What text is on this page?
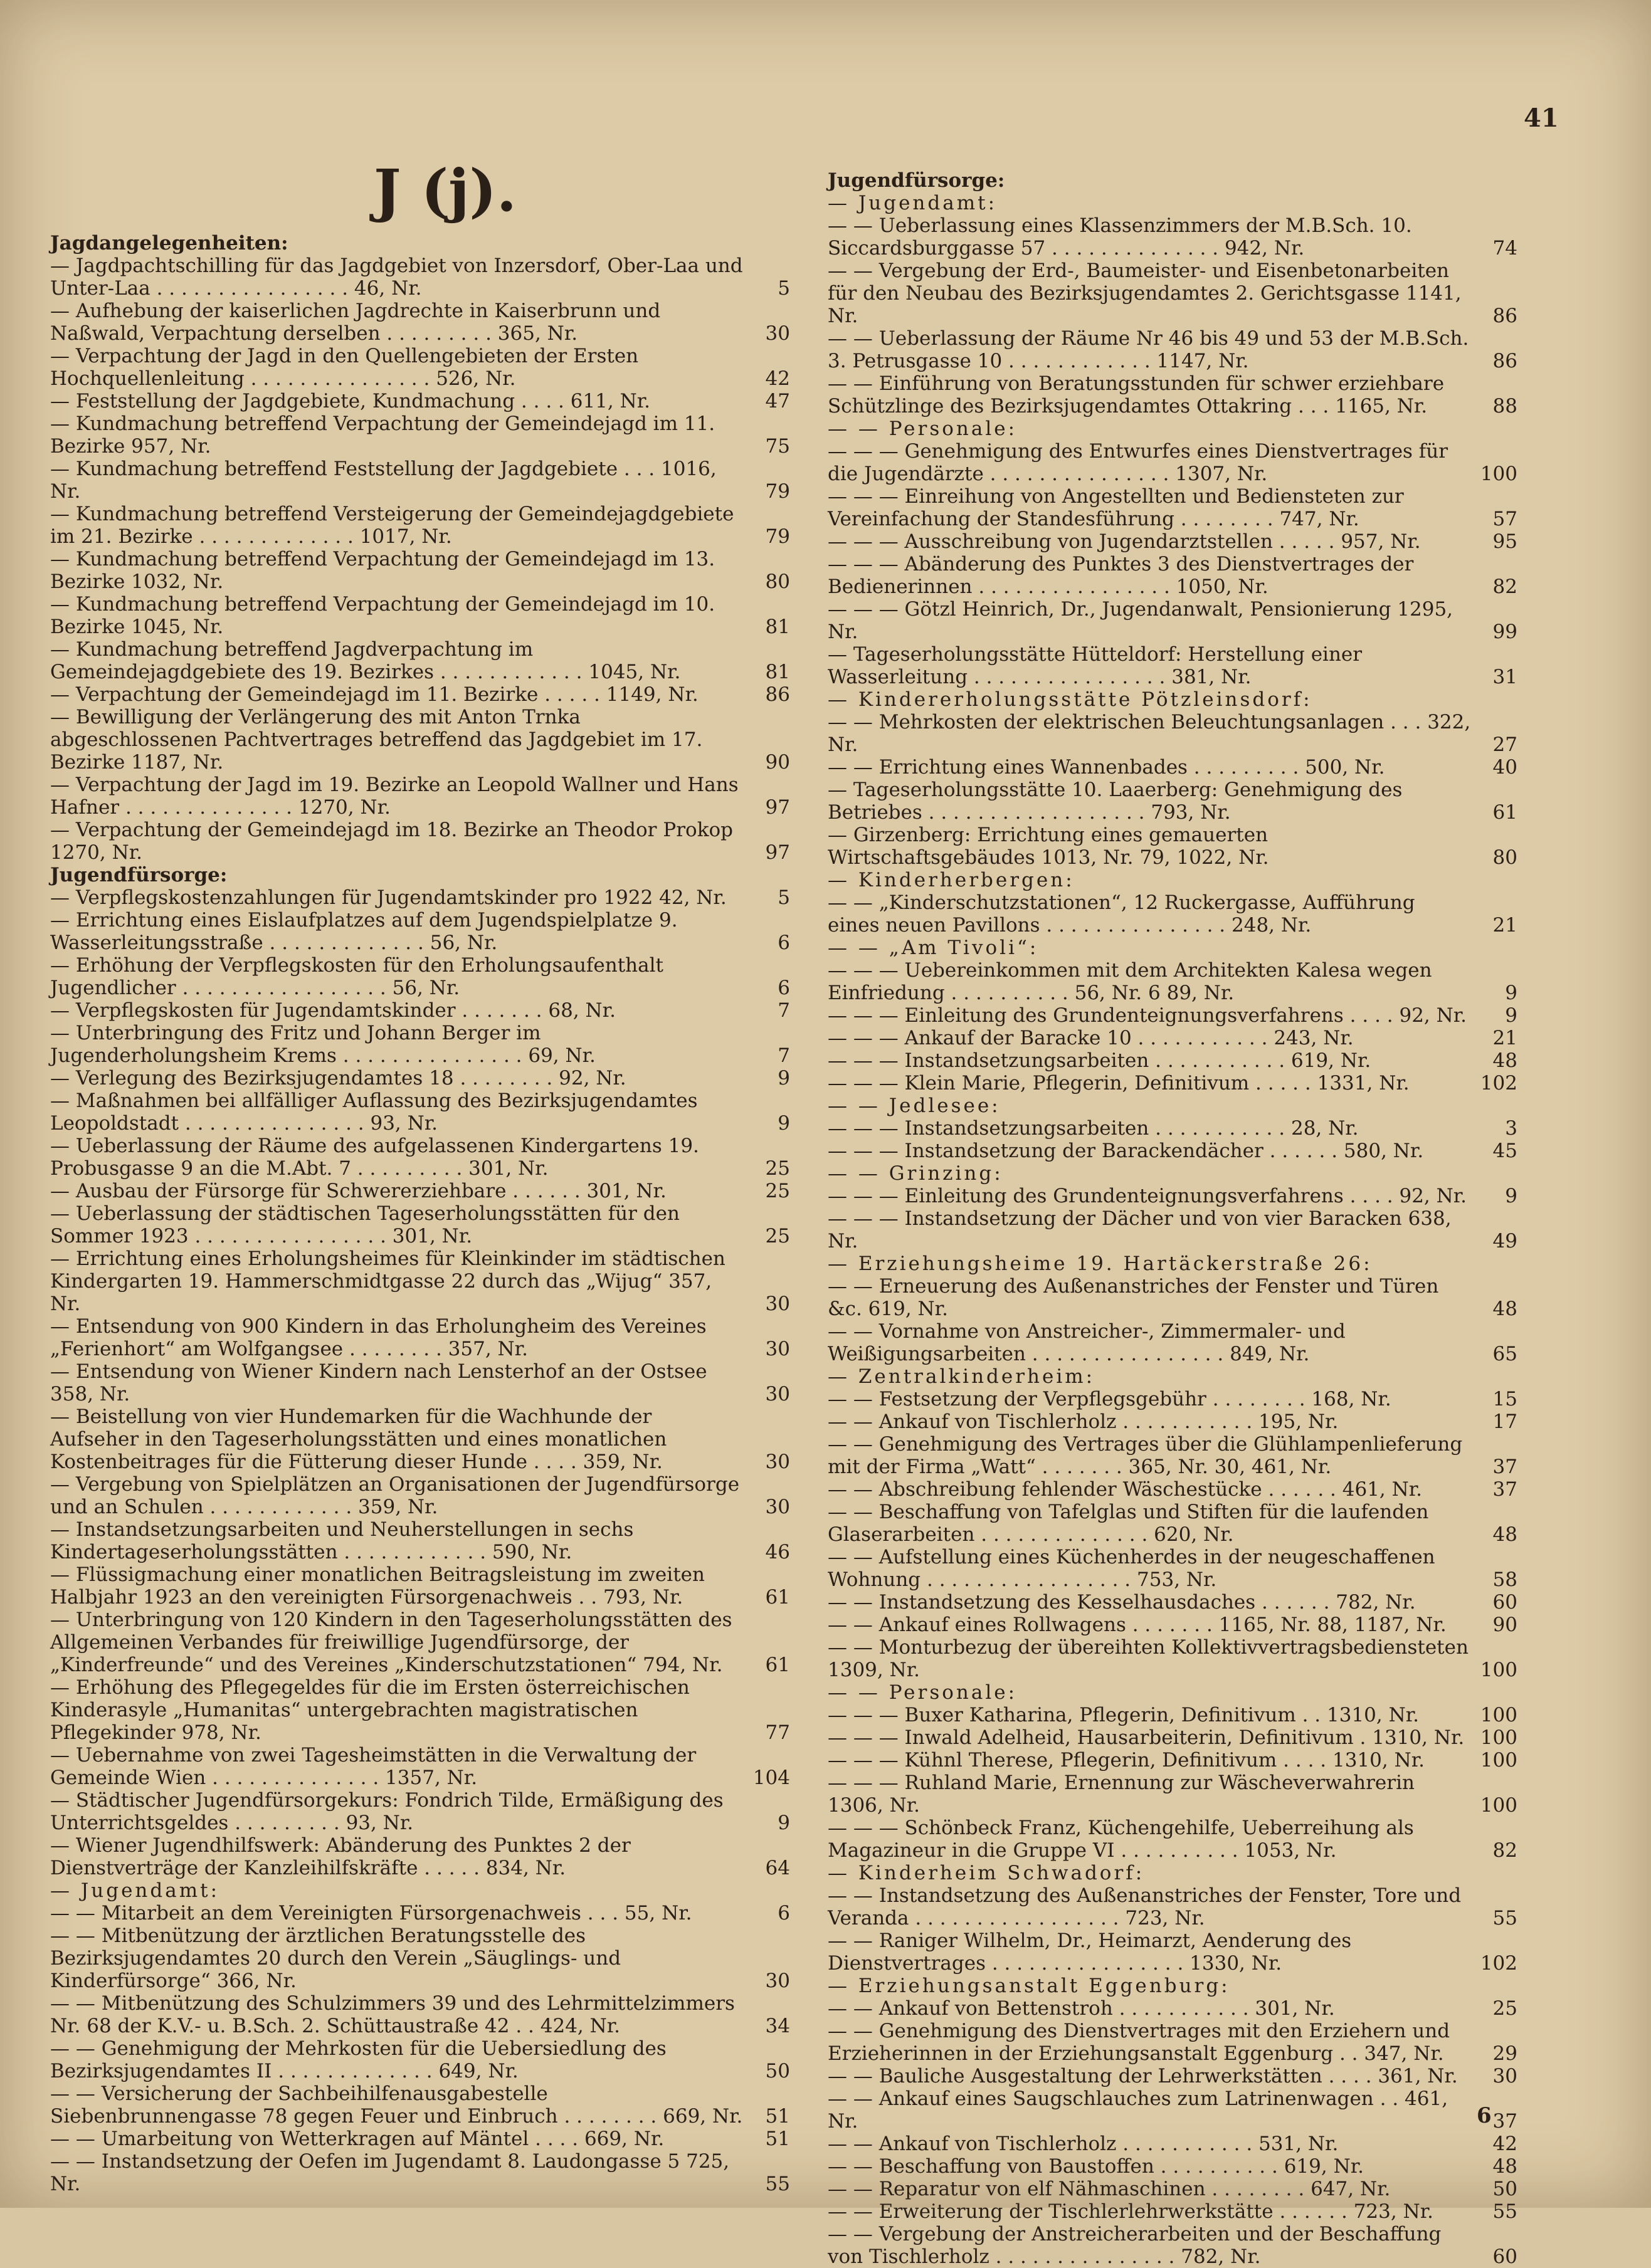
41
J (j).
Jagdangelegenheiten:
— Jagdpachtschilling für das Jagdgebiet von Inzersdorf, Ober-Laa und Unter-Laa . . . . . . . . . . . . . . . . 46, Nr.	5
— Aufhebung der kaiserlichen Jagdrechte in Kaiserbrunn und Naßwald, Verpachtung derselben . . . . . . . . . 365, Nr.	30
— Verpachtung der Jagd in den Quellengebieten der Ersten Hochquellenleitung . . . . . . . . . . . . . . . 526, Nr.	42
— Feststellung der Jagdgebiete, Kundmachung . . . . 611, Nr.	47
— Kundmachung betreffend Verpachtung der Gemeindejagd im 11. Bezirke 957, Nr.	75
— Kundmachung betreffend Feststellung der Jagdgebiete . . . 1016, Nr.	79
— Kundmachung betreffend Versteigerung der Gemeindejagdgebiete im 21. Bezirke . . . . . . . . . . . . . 1017, Nr.	79
— Kundmachung betreffend Verpachtung der Gemeindejagd im 13. Bezirke 1032, Nr.	80
— Kundmachung betreffend Verpachtung der Gemeindejagd im 10. Bezirke 1045, Nr.	81
— Kundmachung betreffend Jagdverpachtung im Gemeindejagdgebiete des 19. Bezirkes . . . . . . . . . . . . 1045, Nr.	81
— Verpachtung der Gemeindejagd im 11. Bezirke . . . . . 1149, Nr.	86
— Bewilligung der Verlängerung des mit Anton Trnka abgeschlossenen Pachtvertrages betreffend das Jagdgebiet im 17. Bezirke 1187, Nr.	90
— Verpachtung der Jagd im 19. Bezirke an Leopold Wallner und Hans Hafner . . . . . . . . . . . . . . 1270, Nr.	97
— Verpachtung der Gemeindejagd im 18. Bezirke an Theodor Prokop 1270, Nr.	97
Jugendfürsorge:
— Verpflegskostenzahlungen für Jugendamtskinder pro 1922 42, Nr.	5
— Errichtung eines Eislaufplatzes auf dem Jugendspielplatze 9. Wasserleitungsstraße . . . . . . . . . . . . . 56, Nr.	6
— Erhöhung der Verpflegskosten für den Erholungsaufenthalt Jugendlicher . . . . . . . . . . . . . . . . . 56, Nr.	6
— Verpflegskosten für Jugendamtskinder . . . . . . . 68, Nr.	7
— Unterbringung des Fritz und Johann Berger im Jugenderholungsheim Krems . . . . . . . . . . . . . . . 69, Nr.	7
— Verlegung des Bezirksjugendamtes 18 . . . . . . . . 92, Nr.	9
— Maßnahmen bei allfälliger Auflassung des Bezirksjugendamtes Leopoldstadt . . . . . . . . . . . . . . . 93, Nr.	9
— Ueberlassung der Räume des aufgelassenen Kindergartens 19. Probusgasse 9 an die M.Abt. 7 . . . . . . . . . 301, Nr.	25
— Ausbau der Fürsorge für Schwererziehbare . . . . . . 301, Nr.	25
— Ueberlassung der städtischen Tageserholungsstätten für den Sommer 1923 . . . . . . . . . . . . . . . . 301, Nr.	25
— Errichtung eines Erholungsheimes für Kleinkinder im städtischen Kindergarten 19. Hammerschmidtgasse 22 durch das „Wijug“ 357, Nr.	30
— Entsendung von 900 Kindern in das Erholungheim des Vereines „Ferienhort“ am Wolfgangsee . . . . . . . . 357, Nr.	30
— Entsendung von Wiener Kindern nach Lensterhof an der Ostsee 358, Nr.	30
— Beistellung von vier Hundemarken für die Wachhunde der Aufseher in den Tageserholungsstätten und eines monatlichen Kostenbeitrages für die Fütterung dieser Hunde . . . . 359, Nr.	30
— Vergebung von Spielplätzen an Organisationen der Jugendfürsorge und an Schulen . . . . . . . . . . . . 359, Nr.	30
— Instandsetzungsarbeiten und Neuherstellungen in sechs Kindertageserholungsstätten . . . . . . . . . . . . 590, Nr.	46
— Flüssigmachung einer monatlichen Beitragsleistung im zweiten Halbjahr 1923 an den vereinigten Fürsorgenachweis . . 793, Nr.	61
— Unterbringung von 120 Kindern in den Tageserholungsstätten des Allgemeinen Verbandes für freiwillige Jugendfürsorge, der „Kinderfreunde“ und des Vereines „Kinderschutzstationen“ 794, Nr.	61
— Erhöhung des Pflegegeldes für die im Ersten österreichischen Kinderasyle „Humanitas“ untergebrachten magistratischen Pflegekinder 978, Nr.	77
— Uebernahme von zwei Tagesheimstätten in die Verwaltung der Gemeinde Wien . . . . . . . . . . . . . . 1357, Nr.	104
— Städtischer Jugendfürsorgekurs: Fondrich Tilde, Ermäßigung des Unterrichtsgeldes . . . . . . . . . 93, Nr.	9
— Wiener Jugendhilfswerk: Abänderung des Punktes 2 der Dienstverträge der Kanzleihilfskräfte . . . . . 834, Nr.	64
— Jugendamt:
— — Mitarbeit an dem Vereinigten Fürsorgenachweis . . . 55, Nr.	6
— — Mitbenützung der ärztlichen Beratungsstelle des Bezirksjugendamtes 20 durch den Verein „Säuglings- und Kinderfürsorge“ 366, Nr.	30
— — Mitbenützung des Schulzimmers 39 und des Lehrmittelzimmers Nr. 68 der K.V.- u. B.Sch. 2. Schüttaustraße 42 . . 424, Nr.	34
— — Genehmigung der Mehrkosten für die Uebersiedlung des Bezirksjugendamtes II . . . . . . . . . . . . . 649, Nr.	50
— — Versicherung der Sachbeihilfenausgabestelle Siebenbrunnengasse 78 gegen Feuer und Einbruch . . . . . . . . 669, Nr.	51
— — Umarbeitung von Wetterkragen auf Mäntel . . . . 669, Nr.	51
— — Instandsetzung der Oefen im Jugendamt 8. Laudongasse 5 725, Nr.	55
Jugendfürsorge:
— Jugendamt:
— — Ueberlassung eines Klassenzimmers der M.B.Sch. 10. Siccardsburggasse 57 . . . . . . . . . . . . . . 942, Nr.	74
— — Vergebung der Erd-, Baumeister- und Eisenbetonarbeiten für den Neubau des Bezirksjugendamtes 2. Gerichtsgasse 1141, Nr.	86
— — Ueberlassung der Räume Nr 46 bis 49 und 53 der M.B.Sch. 3. Petrusgasse 10 . . . . . . . . . . . . 1147, Nr.	86
— — Einführung von Beratungsstunden für schwer erziehbare Schützlinge des Bezirksjugendamtes Ottakring . . . 1165, Nr.	88
— — Personale:
— — — Genehmigung des Entwurfes eines Dienstvertrages für die Jugendärzte . . . . . . . . . . . . . . . 1307, Nr.	100
— — — Einreihung von Angestellten und Bediensteten zur Vereinfachung der Standesführung . . . . . . . . 747, Nr.	57
— — — Ausschreibung von Jugendarztstellen . . . . . 957, Nr.	95
— — — Abänderung des Punktes 3 des Dienstvertrages der Bedienerinnen . . . . . . . . . . . . . . . . 1050, Nr.	82
— — — Götzl Heinrich, Dr., Jugendanwalt, Pensionierung 1295, Nr.	99
— Tageserholungsstätte Hütteldorf: Herstellung einer Wasserleitung . . . . . . . . . . . . . . . . 381, Nr.	31
— Kindererholungsstätte Pötzleinsdorf:
— — Mehrkosten der elektrischen Beleuchtungsanlagen . . . 322, Nr.	27
— — Errichtung eines Wannenbades . . . . . . . . . 500, Nr.	40
— Tageserholungsstätte 10. Laaerberg: Genehmigung des Betriebes . . . . . . . . . . . . . . . . . . 793, Nr.	61
— Girzenberg: Errichtung eines gemauerten Wirtschaftsgebäudes 1013, Nr. 79, 1022, Nr.	80
— Kinderherbergen:
— — „Kinderschutzstationen“, 12 Ruckergasse, Aufführung eines neuen Pavillons . . . . . . . . . . . . . . . 248, Nr.	21
— — „Am Tivoli“:
— — — Uebereinkommen mit dem Architekten Kalesa wegen Einfriedung . . . . . . . . . . 56, Nr. 6 89, Nr.	9
— — — Einleitung des Grundenteignungsverfahrens . . . . 92, Nr.	9
— — — Ankauf der Baracke 10 . . . . . . . . . . . 243, Nr.	21
— — — Instandsetzungsarbeiten . . . . . . . . . . . 619, Nr.	48
— — — Klein Marie, Pflegerin, Definitivum . . . . . 1331, Nr.	102
— — Jedlesee:
— — — Instandsetzungsarbeiten . . . . . . . . . . . 28, Nr.	3
— — — Instandsetzung der Barackendächer . . . . . . 580, Nr.	45
— — Grinzing:
— — — Einleitung des Grundenteignungsverfahrens . . . . 92, Nr.	9
— — — Instandsetzung der Dächer und von vier Baracken 638, Nr.	49
— Erziehungsheime 19. Hartäckerstraße 26:
— — Erneuerung des Außenanstriches der Fenster und Türen &c. 619, Nr.	48
— — Vornahme von Anstreicher-, Zimmermaler- und Weißigungsarbeiten . . . . . . . . . . . . . . . . 849, Nr.	65
— Zentralkinderheim:
— — Festsetzung der Verpflegsgebühr . . . . . . . . 168, Nr.	15
— — Ankauf von Tischlerholz . . . . . . . . . . . 195, Nr.	17
— — Genehmigung des Vertrages über die Glühlampenlieferung mit der Firma „Watt“ . . . . . . . 365, Nr. 30, 461, Nr.	37
— — Abschreibung fehlender Wäschestücke . . . . . . 461, Nr.	37
— — Beschaffung von Tafelglas und Stiften für die laufenden Glaserarbeiten . . . . . . . . . . . . . . 620, Nr.	48
— — Aufstellung eines Küchenherdes in der neugeschaffenen Wohnung . . . . . . . . . . . . . . . . . 753, Nr.	58
— — Instandsetzung des Kesselhausdaches . . . . . . 782, Nr.	60
— — Ankauf eines Rollwagens . . . . . . . 1165, Nr. 88, 1187, Nr.	90
— — Monturbezug der übereihten Kollektivvertragsbediensteten 1309, Nr.	100
— — Personale:
— — — Buxer Katharina, Pflegerin, Definitivum . . 1310, Nr.	100
— — — Inwald Adelheid, Hausarbeiterin, Definitivum . 1310, Nr. 100
— — — Kühnl Therese, Pflegerin, Definitivum . . . . 1310, Nr.	100
— — — Ruhland Marie, Ernennung zur Wäscheverwahrerin 1306, Nr.	100
— — — Schönbeck Franz, Küchengehilfe, Ueberreihung als Magazineur in die Gruppe VI . . . . . . . . . . 1053, Nr.	82
— Kinderheim Schwadorf:
— — Instandsetzung des Außenanstriches der Fenster, Tore und Veranda . . . . . . . . . . . . . . . . . 723, Nr.	55
— — Raniger Wilhelm, Dr., Heimarzt, Aenderung des Dienstvertrages . . . . . . . . . . . . . . . . 1330, Nr.	102
— Erziehungsanstalt Eggenburg:
— — Ankauf von Bettenstroh . . . . . . . . . . . 301, Nr.	25
— — Genehmigung des Dienstvertrages mit den Erziehern und Erzieherinnen in der Erziehungsanstalt Eggenburg . . 347, Nr.	29
— — Bauliche Ausgestaltung der Lehrwerkstätten . . . . 361, Nr.	30
— — Ankauf eines Saugschlauches zum Latrinenwagen . . 461, Nr.	37
— — Ankauf von Tischlerholz . . . . . . . . . . . 531, Nr.	42
— — Beschaffung von Baustoffen . . . . . . . . . . 619, Nr.	48
— — Reparatur von elf Nähmaschinen . . . . . . . . 647, Nr.	50
— — Erweiterung der Tischlerlehrwerkstätte . . . . . . 723, Nr.	55
— — Vergebung der Anstreicherarbeiten und der Beschaffung von Tischlerholz . . . . . . . . . . . . . . . 782, Nr.	60
6
